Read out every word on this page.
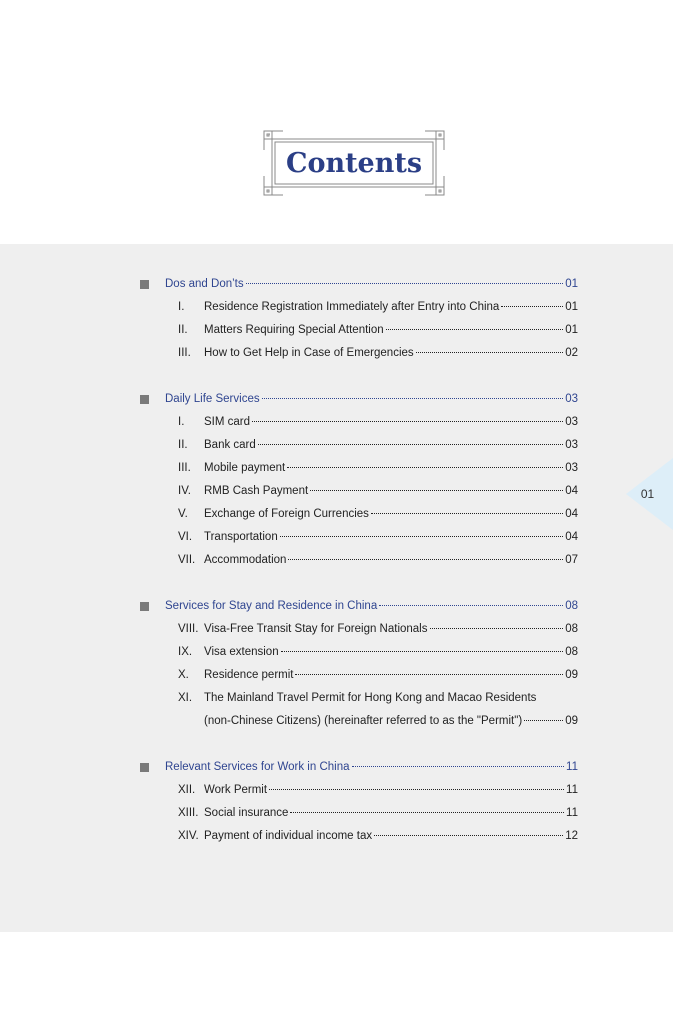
Contents
01
Dos and Don’ts	01
I.	Residence Registration Immediately after Entry into China	01
II.	Matters Requiring Special Attention	01
III.	How to Get Help in Case of Emergencies	02
Daily Life Services	03
I.	SIM card	03
II.	Bank card	03
III.	Mobile payment	03
IV.	RMB Cash Payment	04
V.	Exchange of Foreign Currencies	04
VI.	Transportation	04
VII. Accommodation	07
Services for Stay and Residence in China	08
VIII. Visa-Free Transit Stay for Foreign Nationals	08
IX.	Visa extension	08
X.	Residence permit	09
XI.	The Mainland Travel Permit for Hong Kong and Macao Residents
(non-Chinese Citizens) (hereinafter referred to as the "Permit")	09
Relevant Services for Work in China	11
XII. Work Permit	11
XIII. Social insurance	11
XIV. Payment of individual income tax	12
